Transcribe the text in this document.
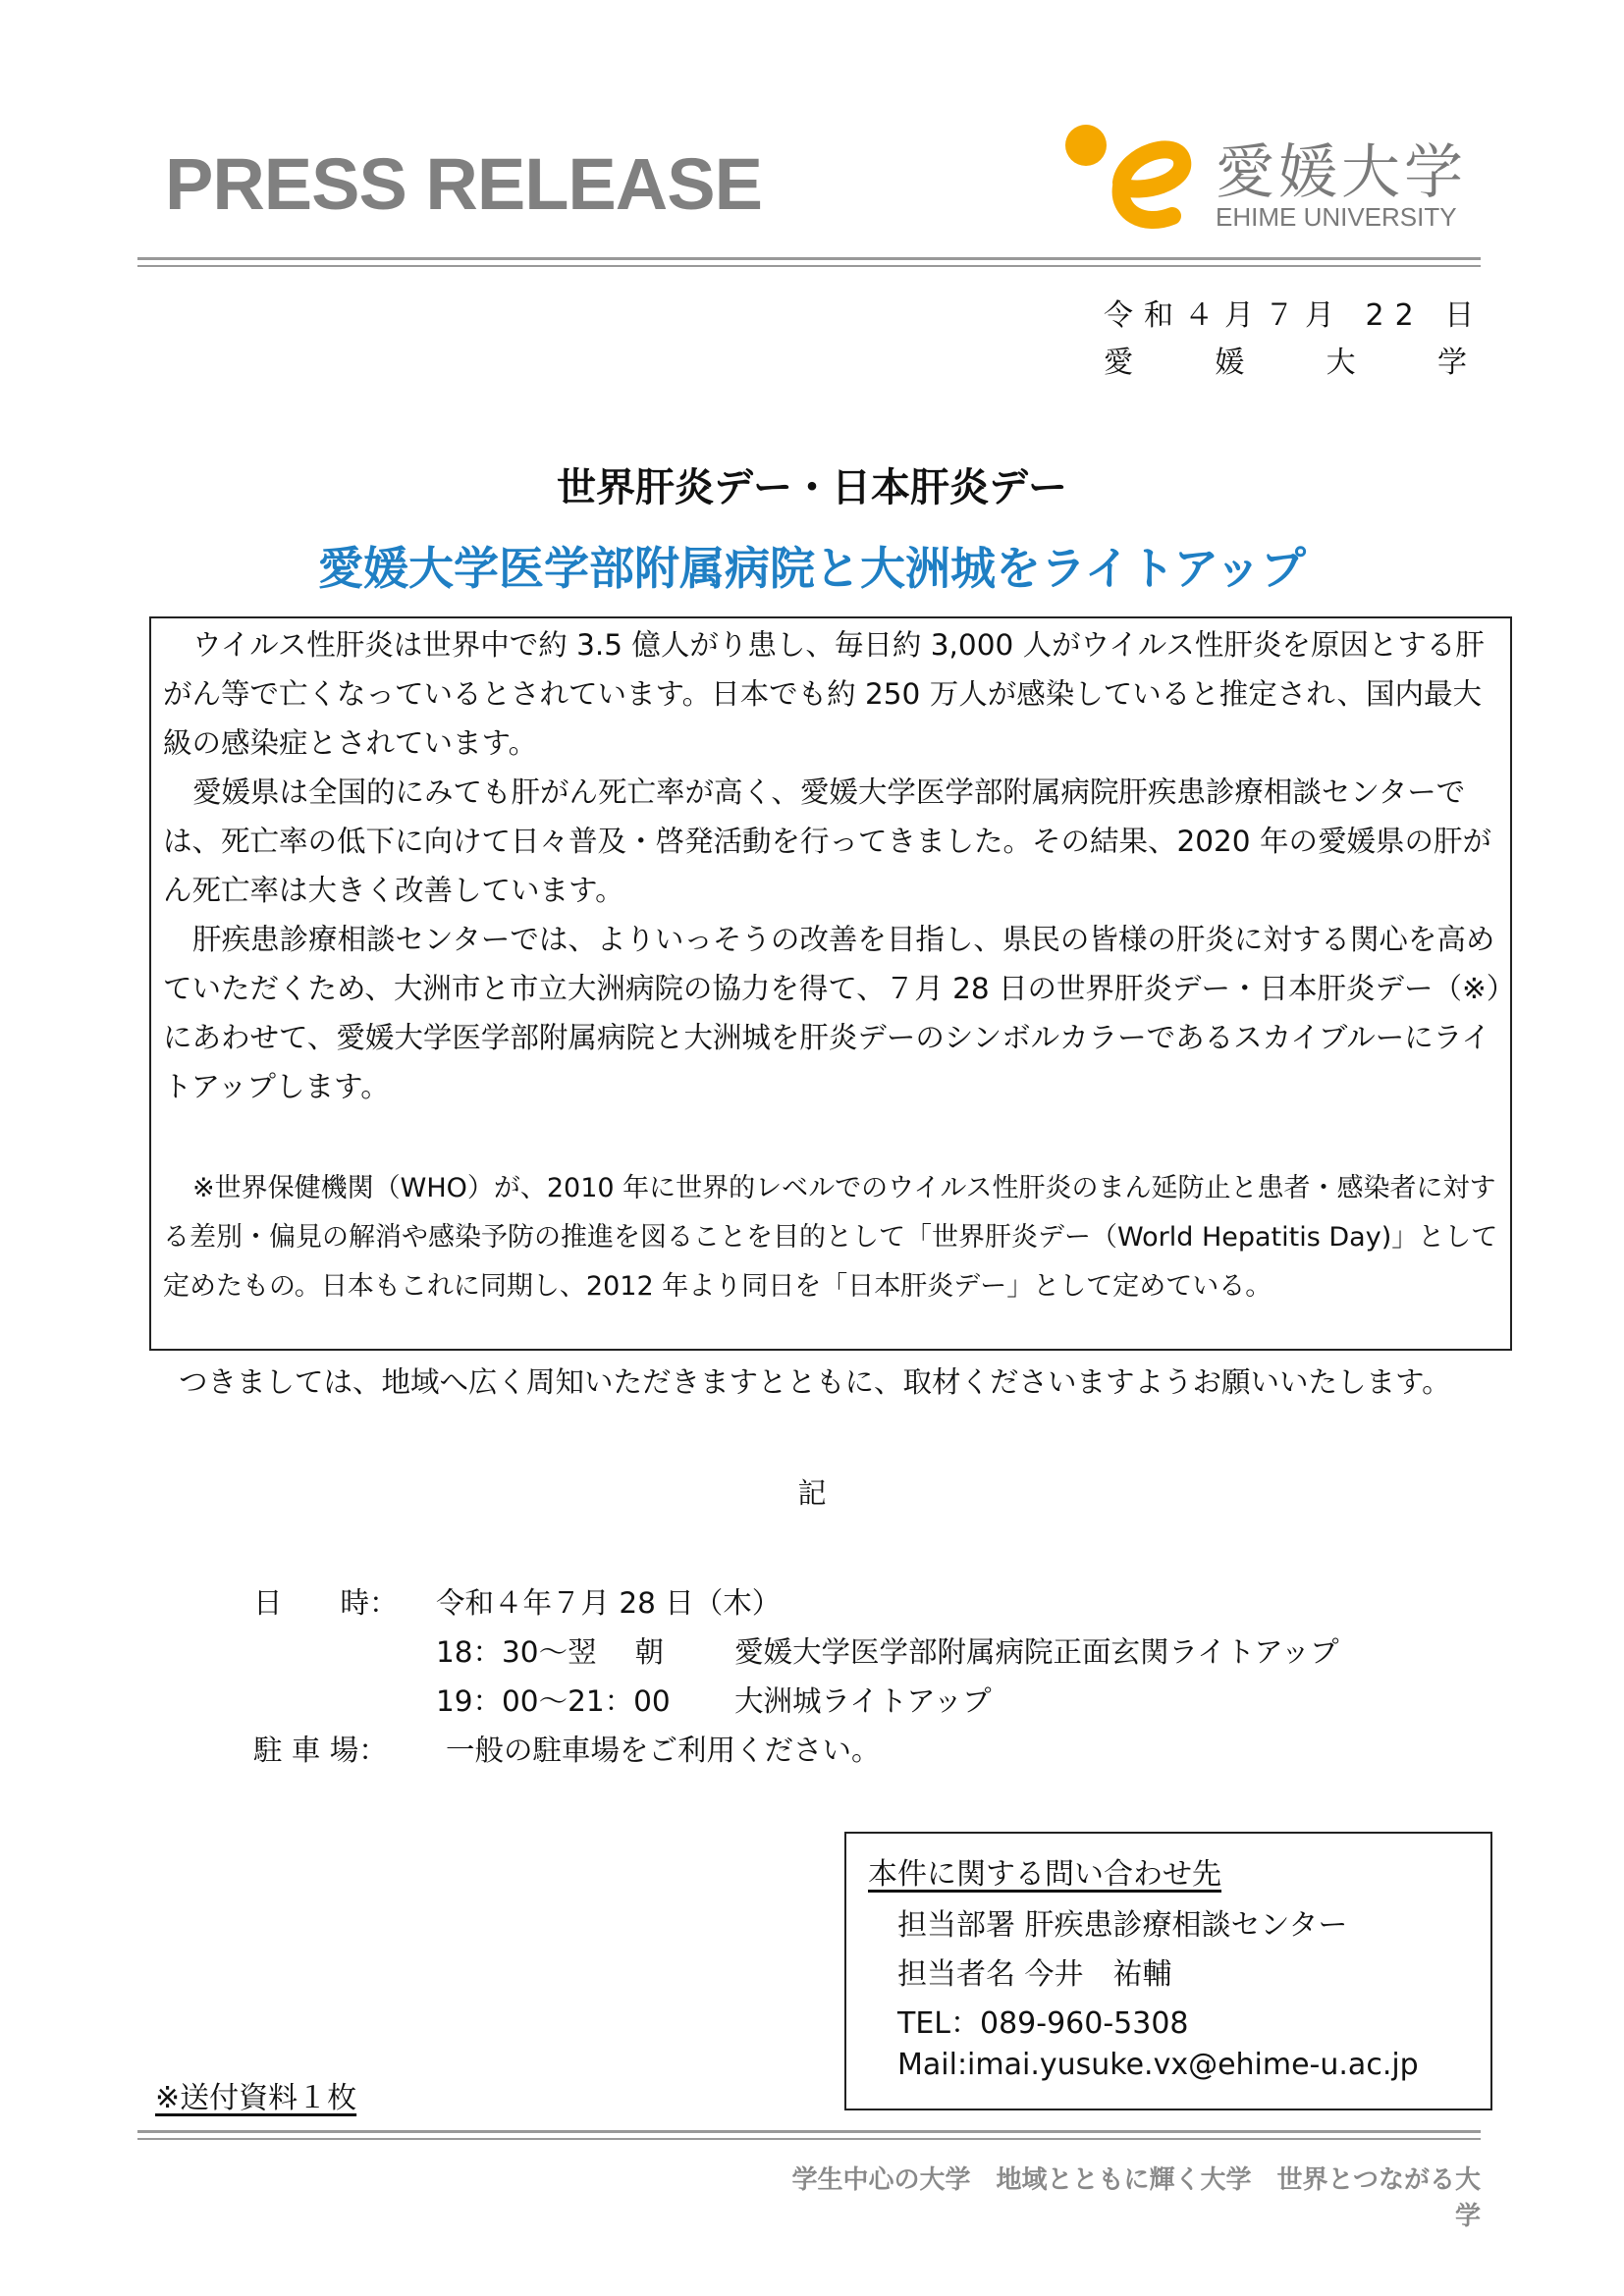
PRESS RELEASE	愛媛大学
EHIME UNIVERSITY
令和４月７月 22 日
愛	媛	大	学
世界肝炎デー・日本肝炎デー
愛媛大学医学部附属病院と大洲城をライトアップ
ウイルス性肝炎は世界中で約 3.5 億人がり患し、毎日約 3,000 人がウイルス性肝炎を原因とする肝がん等で亡くなっているとされています。日本でも約 250 万人が感染していると推定され、国内最大級の感染症とされています。
愛媛県は全国的にみても肝がん死亡率が高く、愛媛大学医学部附属病院肝疾患診療相談センターでは、死亡率の低下に向けて日々普及・啓発活動を行ってきました。その結果、2020 年の愛媛県の肝がん死亡率は大きく改善しています。
肝疾患診療相談センターでは、よりいっそうの改善を目指し、県民の皆様の肝炎に対する関心を高めていただくため、大洲市と市立大洲病院の協力を得て、７月 28 日の世界肝炎デー・日本肝炎デー（※）にあわせて、愛媛大学医学部附属病院と大洲城を肝炎デーのシンボルカラーであるスカイブルーにライトアップします。
※世界保健機関（WHO）が、2010 年に世界的レベルでのウイルス性肝炎のまん延防止と患者・感染者に対する差別・偏見の解消や感染予防の推進を図ることを目的として「世界肝炎デー（World Hepatitis Day)」として定めたもの。日本もこれに同期し、2012 年より同日を「日本肝炎デー」として定めている。
つきましては、地域へ広く周知いただきますとともに、取材くださいますようお願いいたします。
記
日　　時： 令和４年７月 28 日（木）
18：30～翌　 朝 愛媛大学医学部附属病院正面玄関ライトアップ
19：00～21：00 大洲城ライトアップ
駐 車 場： 一般の駐車場をご利用ください。
本件に関する問い合わせ先
担当部署 肝疾患診療相談センター
担当者名 今井　祐輔
TEL：089-960-5308
Mail:imai.yusuke.vx@ehime-u.ac.jp
※送付資料１枚
学生中心の大学　地域とともに輝く大学　世界とつながる大学
